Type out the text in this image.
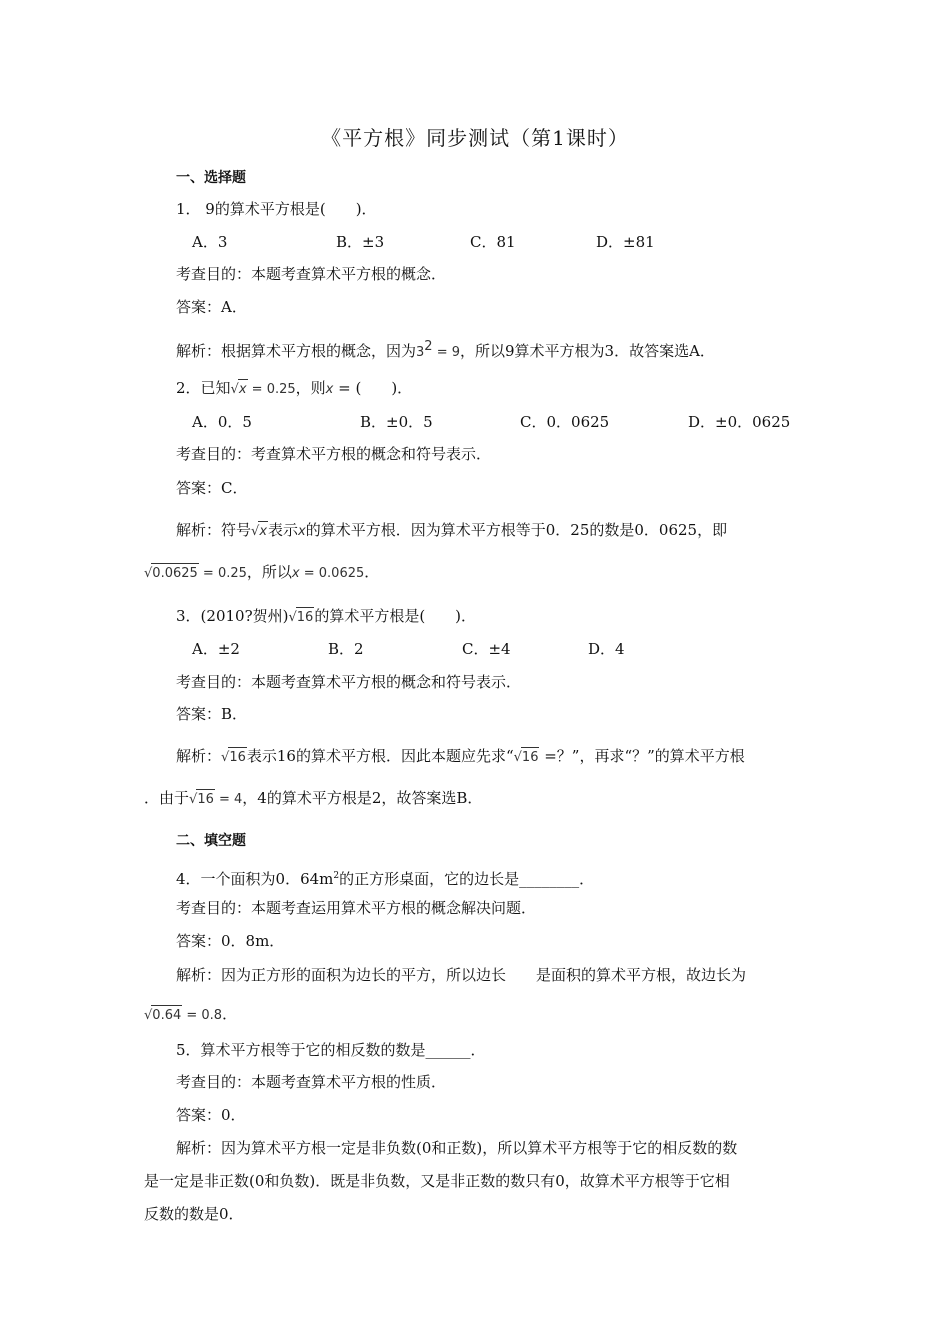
《平方根》同步测试（第1课时）
一、选择题
1． 9的算术平方根是(　　)．
A．3	B．±3	C．81	D．±81
考查目的：本题考查算术平方根的概念．
答案：A．
解析：根据算术平方根的概念，因为$3^2 = 9$，所以9算术平方根为3．故答案选A．
2．已知√x = 0.25，则x = (　　)．
A．0．5	B．±0．5	C．0．0625	D．±0．0625
考查目的：考查算术平方根的概念和符号表示．
答案：C．
解析：符号√x表示x的算术平方根．因为算术平方根等于0．25的数是0．0625，即
√0.0625 = 0.25，所以x = 0.0625．
3．(2010?贺州)√16的算术平方根是(　　)．
A．±2	B．2	C．±4	D．4
考查目的：本题考查算术平方根的概念和符号表示．
答案：B．
解析：√16表示16的算术平方根．因此本题应先求“√16 =？”，再求“？”的算术平方根
．由于√16 = 4，4的算术平方根是2，故答案选B．
二、填空题
4．一个面积为0．$64m^2$的正方形桌面，它的边长是________．
考查目的：本题考查运用算术平方根的概念解决问题．
答案：0．8m．
解析：因为正方形的面积为边长的平方，所以边长　　是面积的算术平方根，故边长为
√0.64 = 0.8．
5．算术平方根等于它的相反数的数是______．
考查目的：本题考查算术平方根的性质．
答案：0．
解析：因为算术平方根一定是非负数(0和正数)，所以算术平方根等于它的相反数的数
是一定是非正数(0和负数)．既是非负数，又是非正数的数只有0，故算术平方根等于它相
反数的数是0．
